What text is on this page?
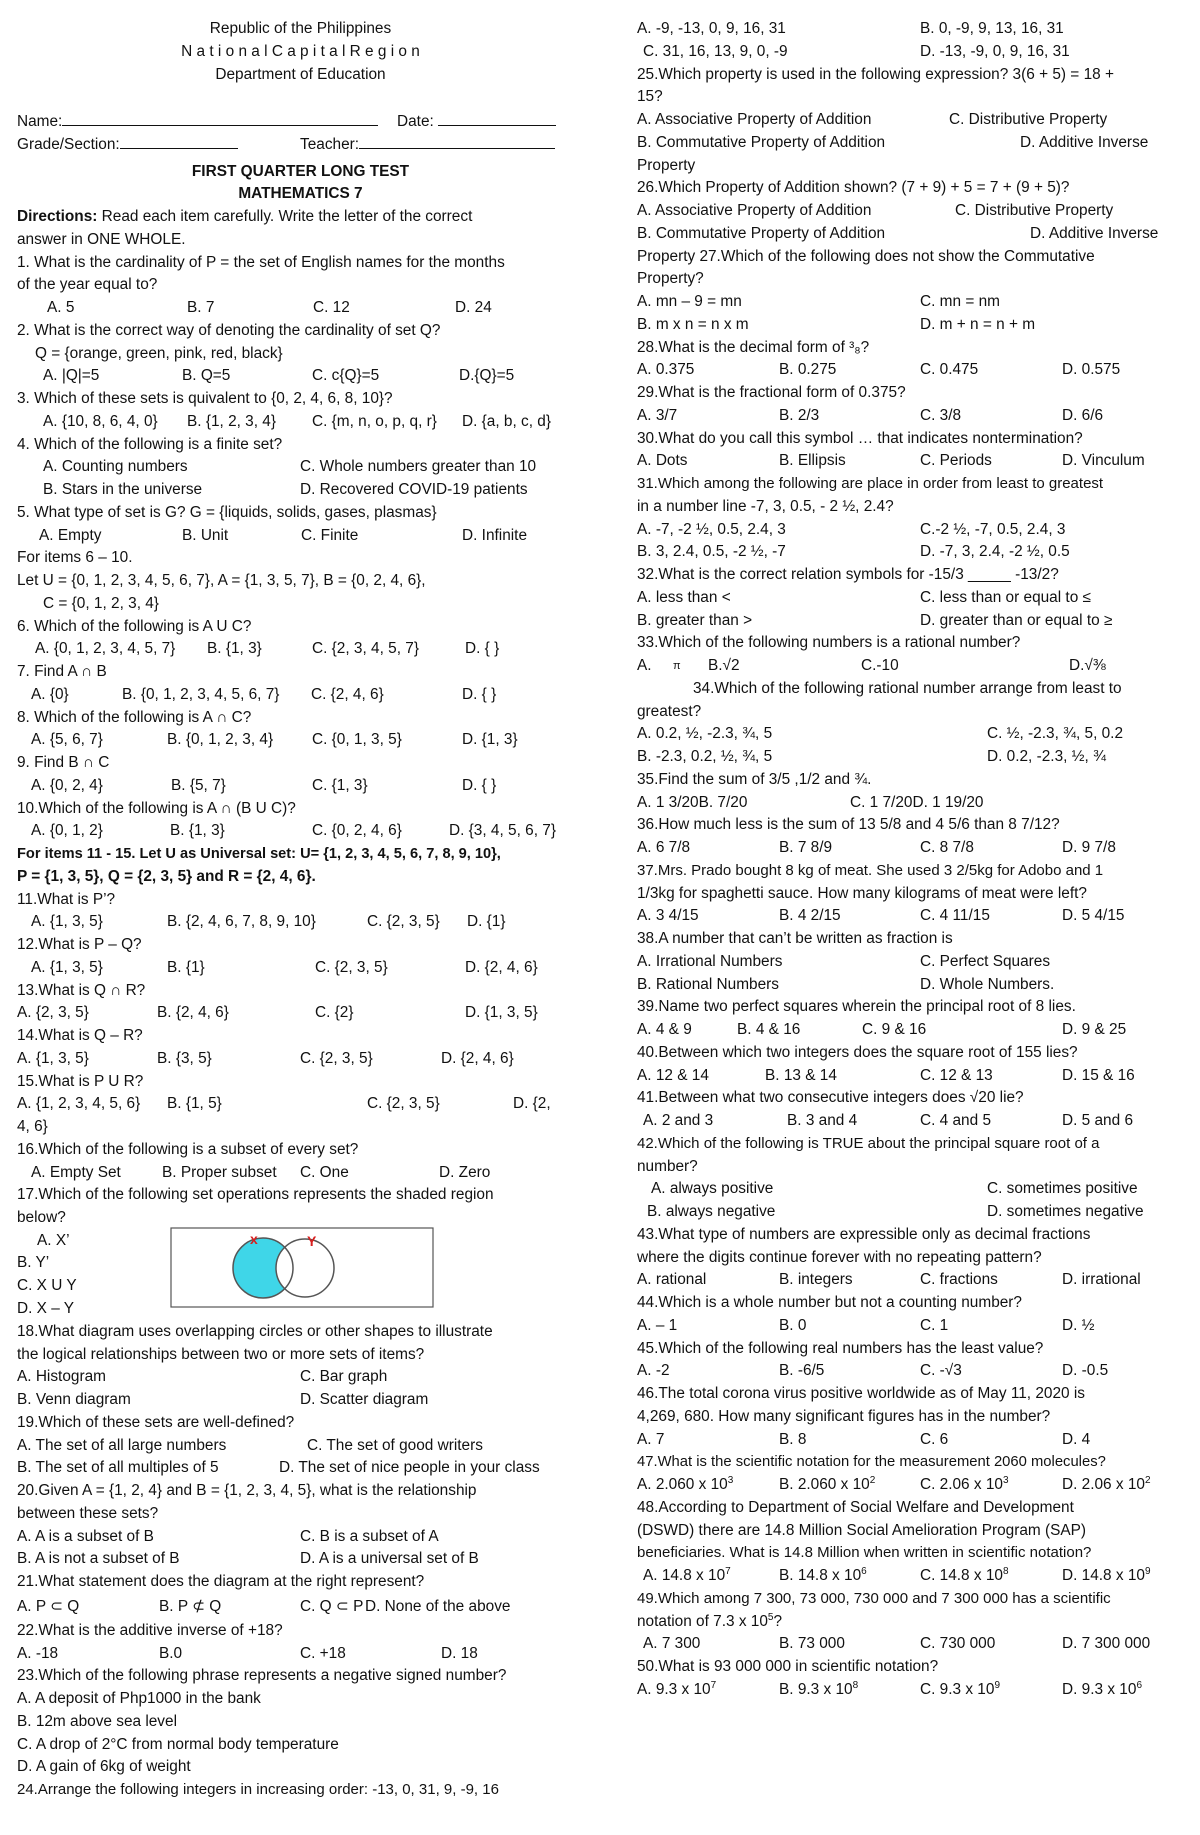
Republic of the Philippines
N a t i o n a l C a p i t a l R e g i o n
Department of Education
Name:	Date:
Grade/Section:	Teacher:
FIRST QUARTER LONG TEST
MATHEMATICS 7
Directions: Read each item carefully. Write the letter of the correct
answer in ONE WHOLE.
1. What is the cardinality of P = the set of English names for the months
of the year equal to?
A. 5	B. 7	C. 12	D. 24
2. What is the correct way of denoting the cardinality of set Q?
Q = {orange, green, pink, red, black}
A. |Q|=5	B. Q=5	C. c{Q}=5	D.{Q}=5
3. Which of these sets is quivalent to {0, 2, 4, 6, 8, 10}?
A. {10, 8, 6, 4, 0} B. {1, 2, 3, 4} C. {m, n, o, p, q, r} D. {a, b, c, d}
4. Which of the following is a finite set?
A. Counting numbers	C. Whole numbers greater than 10
B. Stars in the universe	D. Recovered COVID-19 patients
5. What type of set is G? G = {liquids, solids, gases, plasmas}
A. Empty	B. Unit	C. Finite	D. Infinite
For items 6 – 10.
Let U = {0, 1, 2, 3, 4, 5, 6, 7}, A = {1, 3, 5, 7}, B = {0, 2, 4, 6},
C = {0, 1, 2, 3, 4}
6. Which of the following is A U C?
A. {0, 1, 2, 3, 4, 5, 7} B. {1, 3}	C. {2, 3, 4, 5, 7}	D. { }
7. Find A ∩ B
A. {0}	B. {0, 1, 2, 3, 4, 5, 6, 7} C. {2, 4, 6}	D. { }
8. Which of the following is A ∩ C?
A. {5, 6, 7}	B. {0, 1, 2, 3, 4}	C. {0, 1, 3, 5}	D. {1, 3}
9. Find B ∩ C
A. {0, 2, 4}	B. {5, 7}	C. {1, 3}	D. { }
10.Which of the following is A ∩ (B U C)?
A. {0, 1, 2}	B. {1, 3}	C. {0, 2, 4, 6}	D. {3, 4, 5, 6, 7}
For items 11 - 15. Let U as Universal set: U= {1, 2, 3, 4, 5, 6, 7, 8, 9, 10},
P = {1, 3, 5}, Q = {2, 3, 5} and R = {2, 4, 6}.
11.What is P’?
A. {1, 3, 5}	B. {2, 4, 6, 7, 8, 9, 10}	C. {2, 3, 5} D. {1}
12.What is P – Q?
A. {1, 3, 5}	B. {1}	C. {2, 3, 5}	D. {2, 4, 6}
13.What is Q ∩ R?
A. {2, 3, 5}	B. {2, 4, 6}	C. {2}	D. {1, 3, 5}
14.What is Q – R?
A. {1, 3, 5}	B. {3, 5}	C. {2, 3, 5}	D. {2, 4, 6}
15.What is P U R?
A. {1, 2, 3, 4, 5, 6} B. {1, 5}	C. {2, 3, 5}	D. {2,
4, 6}
16.Which of the following is a subset of every set?
A. Empty Set	B. Proper subset C. One	D. Zero
17.Which of the following set operations represents the shaded region
below?
A. X’
B. Y’
C. X U Y
D. X – Y
x	Y
18.What diagram uses overlapping circles or other shapes to illustrate
the logical relationships between two or more sets of items?
A. Histogram	C. Bar graph
B. Venn diagram	D. Scatter diagram
19.Which of these sets are well-defined?
A. The set of all large numbers	C. The set of good writers
B. The set of all multiples of 5	D. The set of nice people in your class
20.Given A = {1, 2, 4} and B = {1, 2, 3, 4, 5}, what is the relationship
between these sets?
A. A is a subset of B	C. B is a subset of A
B. A is not a subset of B	D. A is a universal set of B
21.What statement does the diagram at the right represent?
A. P ⊂ Q	B. P ⊄ Q	C. Q ⊂ P D. None of the above
22.What is the additive inverse of +18?
A. -18	B.0	C. +18	D. 18
23.Which of the following phrase represents a negative signed number?
A. A deposit of Php1000 in the bank
B. 12m above sea level
C. A drop of 2°C from normal body temperature
D. A gain of 6kg of weight
24.Arrange the following integers in increasing order: -13, 0, 31, 9, -9, 16
A. -9, -13, 0, 9, 16, 31	B. 0, -9, 9, 13, 16, 31
C. 31, 16, 13, 9, 0, -9	D. -13, -9, 0, 9, 16, 31
25.Which property is used in the following expression? 3(6 + 5) = 18 +
15?
A. Associative Property of Addition	C. Distributive Property
B. Commutative Property of Addition	D. Additive Inverse
Property
26.Which Property of Addition shown? (7 + 9) + 5 = 7 + (9 + 5)?
A. Associative Property of Addition	C. Distributive Property
B. Commutative Property of Addition	D. Additive Inverse
Property 27.Which of the following does not show the Commutative
Property?
A. mn – 9 = mn	C. mn = nm
B. m x n = n x m	D. m + n = n + m
28.What is the decimal form of ³₈?
A. 0.375	B. 0.275	C. 0.475	D. 0.575
29.What is the fractional form of 0.375?
A. 3/7	B. 2/3	C. 3/8	D. 6/6
30.What do you call this symbol … that indicates nontermination?
A. Dots	B. Ellipsis	C. Periods	D. Vinculum
31.Which among the following are place in order from least to greatest
in a number line -7, 3, 0.5, - 2 ½, 2.4?
A. -7, -2 ½, 0.5, 2.4, 3	C.-2 ½, -7, 0.5, 2.4, 3
B. 3, 2.4, 0.5, -2 ½, -7	D. -7, 3, 2.4, -2 ½, 0.5
32.What is the correct relation symbols for -15/3 _____ -13/2?
A. less than <	C. less than or equal to ≤
B. greater than >	D. greater than or equal to ≥
33.Which of the following numbers is a rational number?
A. π B.√2	C.-10	D.√⅜
34.Which of the following rational number arrange from least to
greatest?
A. 0.2, ½, -2.3, ¾, 5	C. ½, -2.3, ¾, 5, 0.2
B. -2.3, 0.2, ½, ¾, 5	D. 0.2, -2.3, ½, ¾
35.Find the sum of 3/5 ,1/2 and ¾.
A. 1 3/20B. 7/20	C. 1 7/20D. 1 19/20
36.How much less is the sum of 13 5/8 and 4 5/6 than 8 7/12?
A. 6 7/8	B. 7 8/9	C. 8 7/8	D. 9 7/8
37.Mrs. Prado bought 8 kg of meat. She used 3 2/5kg for Adobo and 1
1/3kg for spaghetti sauce. How many kilograms of meat were left?
A. 3 4/15	B. 4 2/15	C. 4 11/15	D. 5 4/15
38.A number that can’t be written as fraction is
A. Irrational Numbers	C. Perfect Squares
B. Rational Numbers	D. Whole Numbers.
39.Name two perfect squares wherein the principal root of 8 lies.
A. 4 & 9	B. 4 & 16	C. 9 & 16	D. 9 & 25
40.Between which two integers does the square root of 155 lies?
A. 12 & 14	B. 13 & 14	C. 12 & 13	D. 15 & 16
41.Between what two consecutive integers does √20 lie?
A. 2 and 3	B. 3 and 4	C. 4 and 5	D. 5 and 6
42.Which of the following is TRUE about the principal square root of a
number?
A. always positive	C. sometimes positive
B. always negative	D. sometimes negative
43.What type of numbers are expressible only as decimal fractions
where the digits continue forever with no repeating pattern?
A. rational	B. integers	C. fractions	D. irrational
44.Which is a whole number but not a counting number?
A. – 1	B. 0	C. 1	D. ½
45.Which of the following real numbers has the least value?
A. -2	B. -6/5	C. -√3	D. -0.5
46.The total corona virus positive worldwide as of May 11, 2020 is
4,269, 680. How many significant figures has in the number?
A. 7	B. 8	C. 6	D. 4
47.What is the scientific notation for the measurement 2060 molecules?
A. 2.060 x $10^3$	B. 2.060 x $10^2$	C. 2.06 x $10^3$	D. 2.06 x $10^2$
48.According to Department of Social Welfare and Development
(DSWD) there are 14.8 Million Social Amelioration Program (SAP)
beneficiaries. What is 14.8 Million when written in scientific notation?
A. 14.8 x $10^7$	B. 14.8 x $10^6$	C. 14.8 x $10^8$	D. 14.8 x $10^9$
49.Which among 7 300, 73 000, 730 000 and 7 300 000 has a scientific
notation of 7.3 x $10^5$?
A. 7 300	B. 73 000	C. 730 000	D. 7 300 000
50.What is 93 000 000 in scientific notation?
A. 9.3 x $10^7$	B. 9.3 x $10^8$	C. 9.3 x $10^9$	D. 9.3 x $10^6$
